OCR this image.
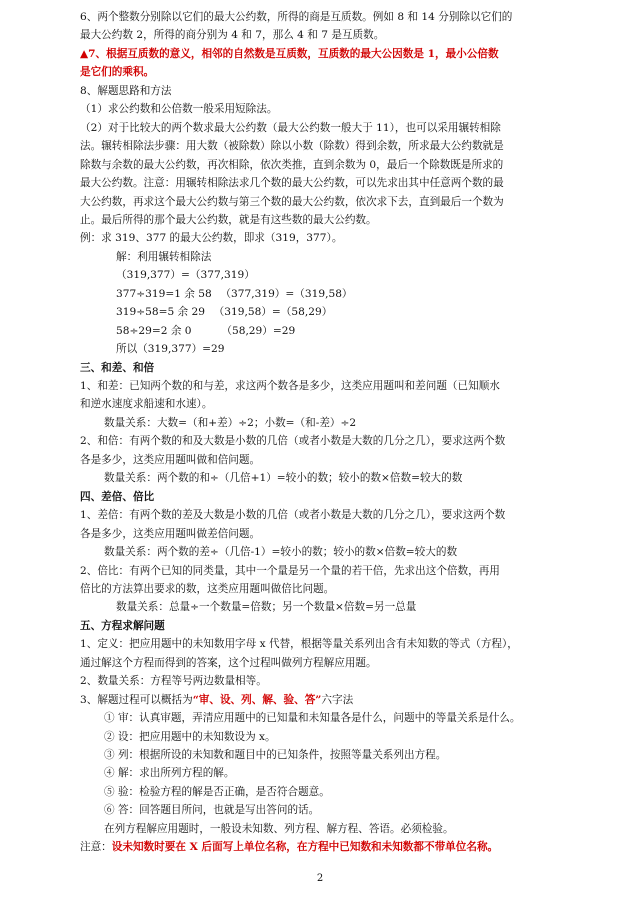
6、两个整数分别除以它们的最大公约数，所得的商是互质数。例如 8 和 14 分别除以它们的
最大公约数 2，所得的商分别为 4 和 7，那么 4 和 7 是互质数。
▲7、根据互质数的意义，相邻的自然数是互质数，互质数的最大公因数是 1，最小公倍数
是它们的乘积。
8、解题思路和方法
（1）求公约数和公倍数一般采用短除法。
（2）对于比较大的两个数求最大公约数（最大公约数一般大于 11），也可以采用辗转相除
法。辗转相除法步骤：用大数（被除数）除以小数（除数）得到余数，所求最大公约数就是
除数与余数的最大公约数，再次相除，依次类推，直到余数为 0，最后一个除数既是所求的
最大公约数。注意：用辗转相除法求几个数的最大公约数，可以先求出其中任意两个数的最
大公约数，再求这个最大公约数与第三个数的最大公约数，依次求下去，直到最后一个数为
止。最后所得的那个最大公约数，就是有这些数的最大公约数。
例：求 319、377 的最大公约数，即求（319，377）。
解：利用辗转相除法
（319,377）=（377,319）
377÷319=1 余 58 　（377,319）=（319,58）
319÷58=5 余 29 　（319,58）=（58,29）
58÷29=2 余 0 　　　（58,29）=29
所以（319,377）=29
三、和差、和倍
1、和差：已知两个数的和与差，求这两个数各是多少，这类应用题叫和差问题（已知顺水
和逆水速度求船速和水速）。
数量关系：大数=（和+差）÷2；小数=（和-差）÷2
2、和倍：有两个数的和及大数是小数的几倍（或者小数是大数的几分之几），要求这两个数
各是多少，这类应用题叫做和倍问题。
数量关系：两个数的和÷（几倍+1）=较小的数；较小的数×倍数=较大的数
四、差倍、倍比
1、差倍：有两个数的差及大数是小数的几倍（或者小数是大数的几分之几），要求这两个数
各是多少，这类应用题叫做差倍问题。
数量关系：两个数的差÷（几倍-1）=较小的数；较小的数×倍数=较大的数
2、倍比：有两个已知的同类量，其中一个量是另一个量的若干倍，先求出这个倍数，再用
倍比的方法算出要求的数，这类应用题叫做倍比问题。
数量关系：总量÷一个数量=倍数；另一个数量×倍数=另一总量
五、方程求解问题
1、定义：把应用题中的未知数用字母 x 代替，根据等量关系列出含有未知数的等式（方程），
通过解这个方程而得到的答案，这个过程叫做列方程解应用题。
2、数量关系：方程等号两边数量相等。
3、解题过程可以概括为“审、设、列、解、验、答”六字法
① 审：认真审题，弄清应用题中的已知量和未知量各是什么，问题中的等量关系是什么。
② 设：把应用题中的未知数设为 x。
③ 列：根据所设的未知数和题目中的已知条件，按照等量关系列出方程。
④ 解：求出所列方程的解。
⑤ 验：检验方程的解是否正确，是否符合题意。
⑥ 答：回答题目所问，也就是写出答问的话。
在列方程解应用题时，一般设未知数、列方程、解方程、答语。必须检验。
注意：设未知数时要在 X 后面写上单位名称，在方程中已知数和未知数都不带单位名称。
2
